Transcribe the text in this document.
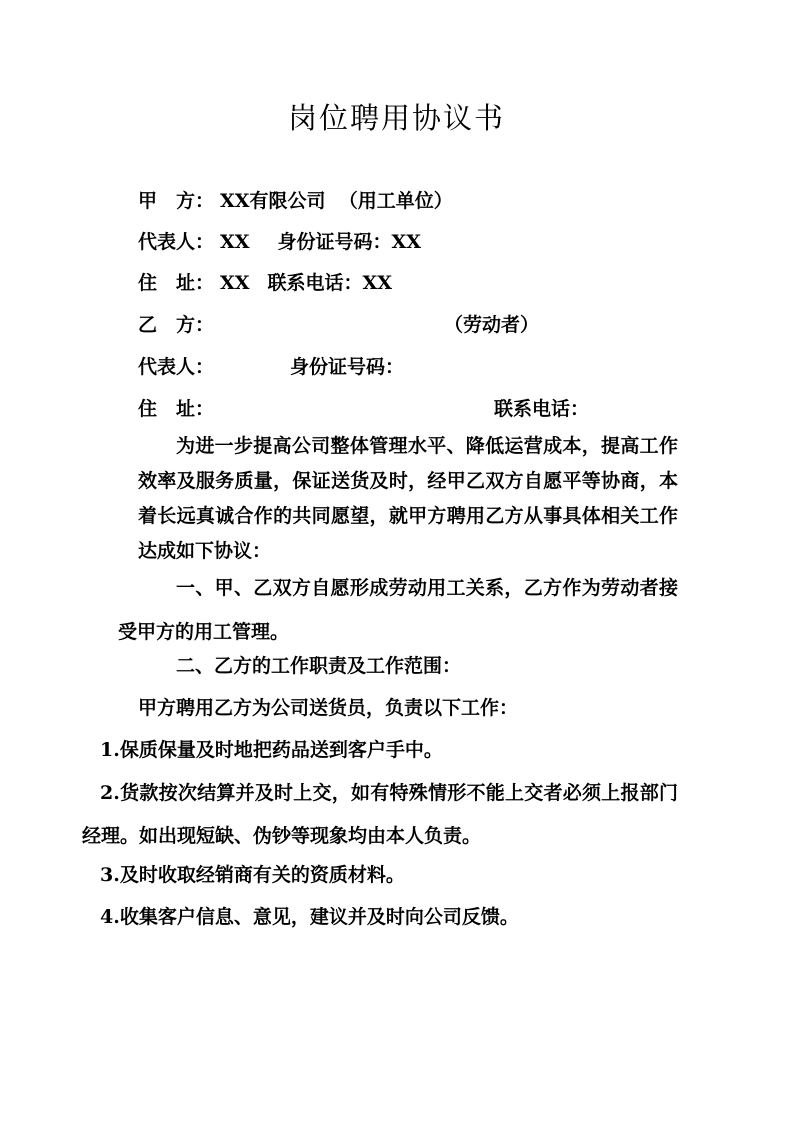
岗位聘用协议书
甲　方： XX有限公司 （用工单位）
代表人： XX 身份证号码：XX
住　址： XX 联系电话：XX
乙　方：	（劳动者）
代表人：	身份证号码：
住　址：	联系电话：
为进一步提高公司整体管理水平、降低运营成本，提高工作效率及服务质量，保证送货及时，经甲乙双方自愿平等协商，本着长远真诚合作的共同愿望，就甲方聘用乙方从事具体相关工作达成如下协议：
一、甲、乙双方自愿形成劳动用工关系，乙方作为劳动者接受甲方的用工管理。
二、乙方的工作职责及工作范围：
甲方聘用乙方为公司送货员，负责以下工作：
1.保质保量及时地把药品送到客户手中。
2.货款按次结算并及时上交，如有特殊情形不能上交者必须上报部门经理。如出现短缺、伪钞等现象均由本人负责。
3.及时收取经销商有关的资质材料。
4.收集客户信息、意见，建议并及时向公司反馈。
